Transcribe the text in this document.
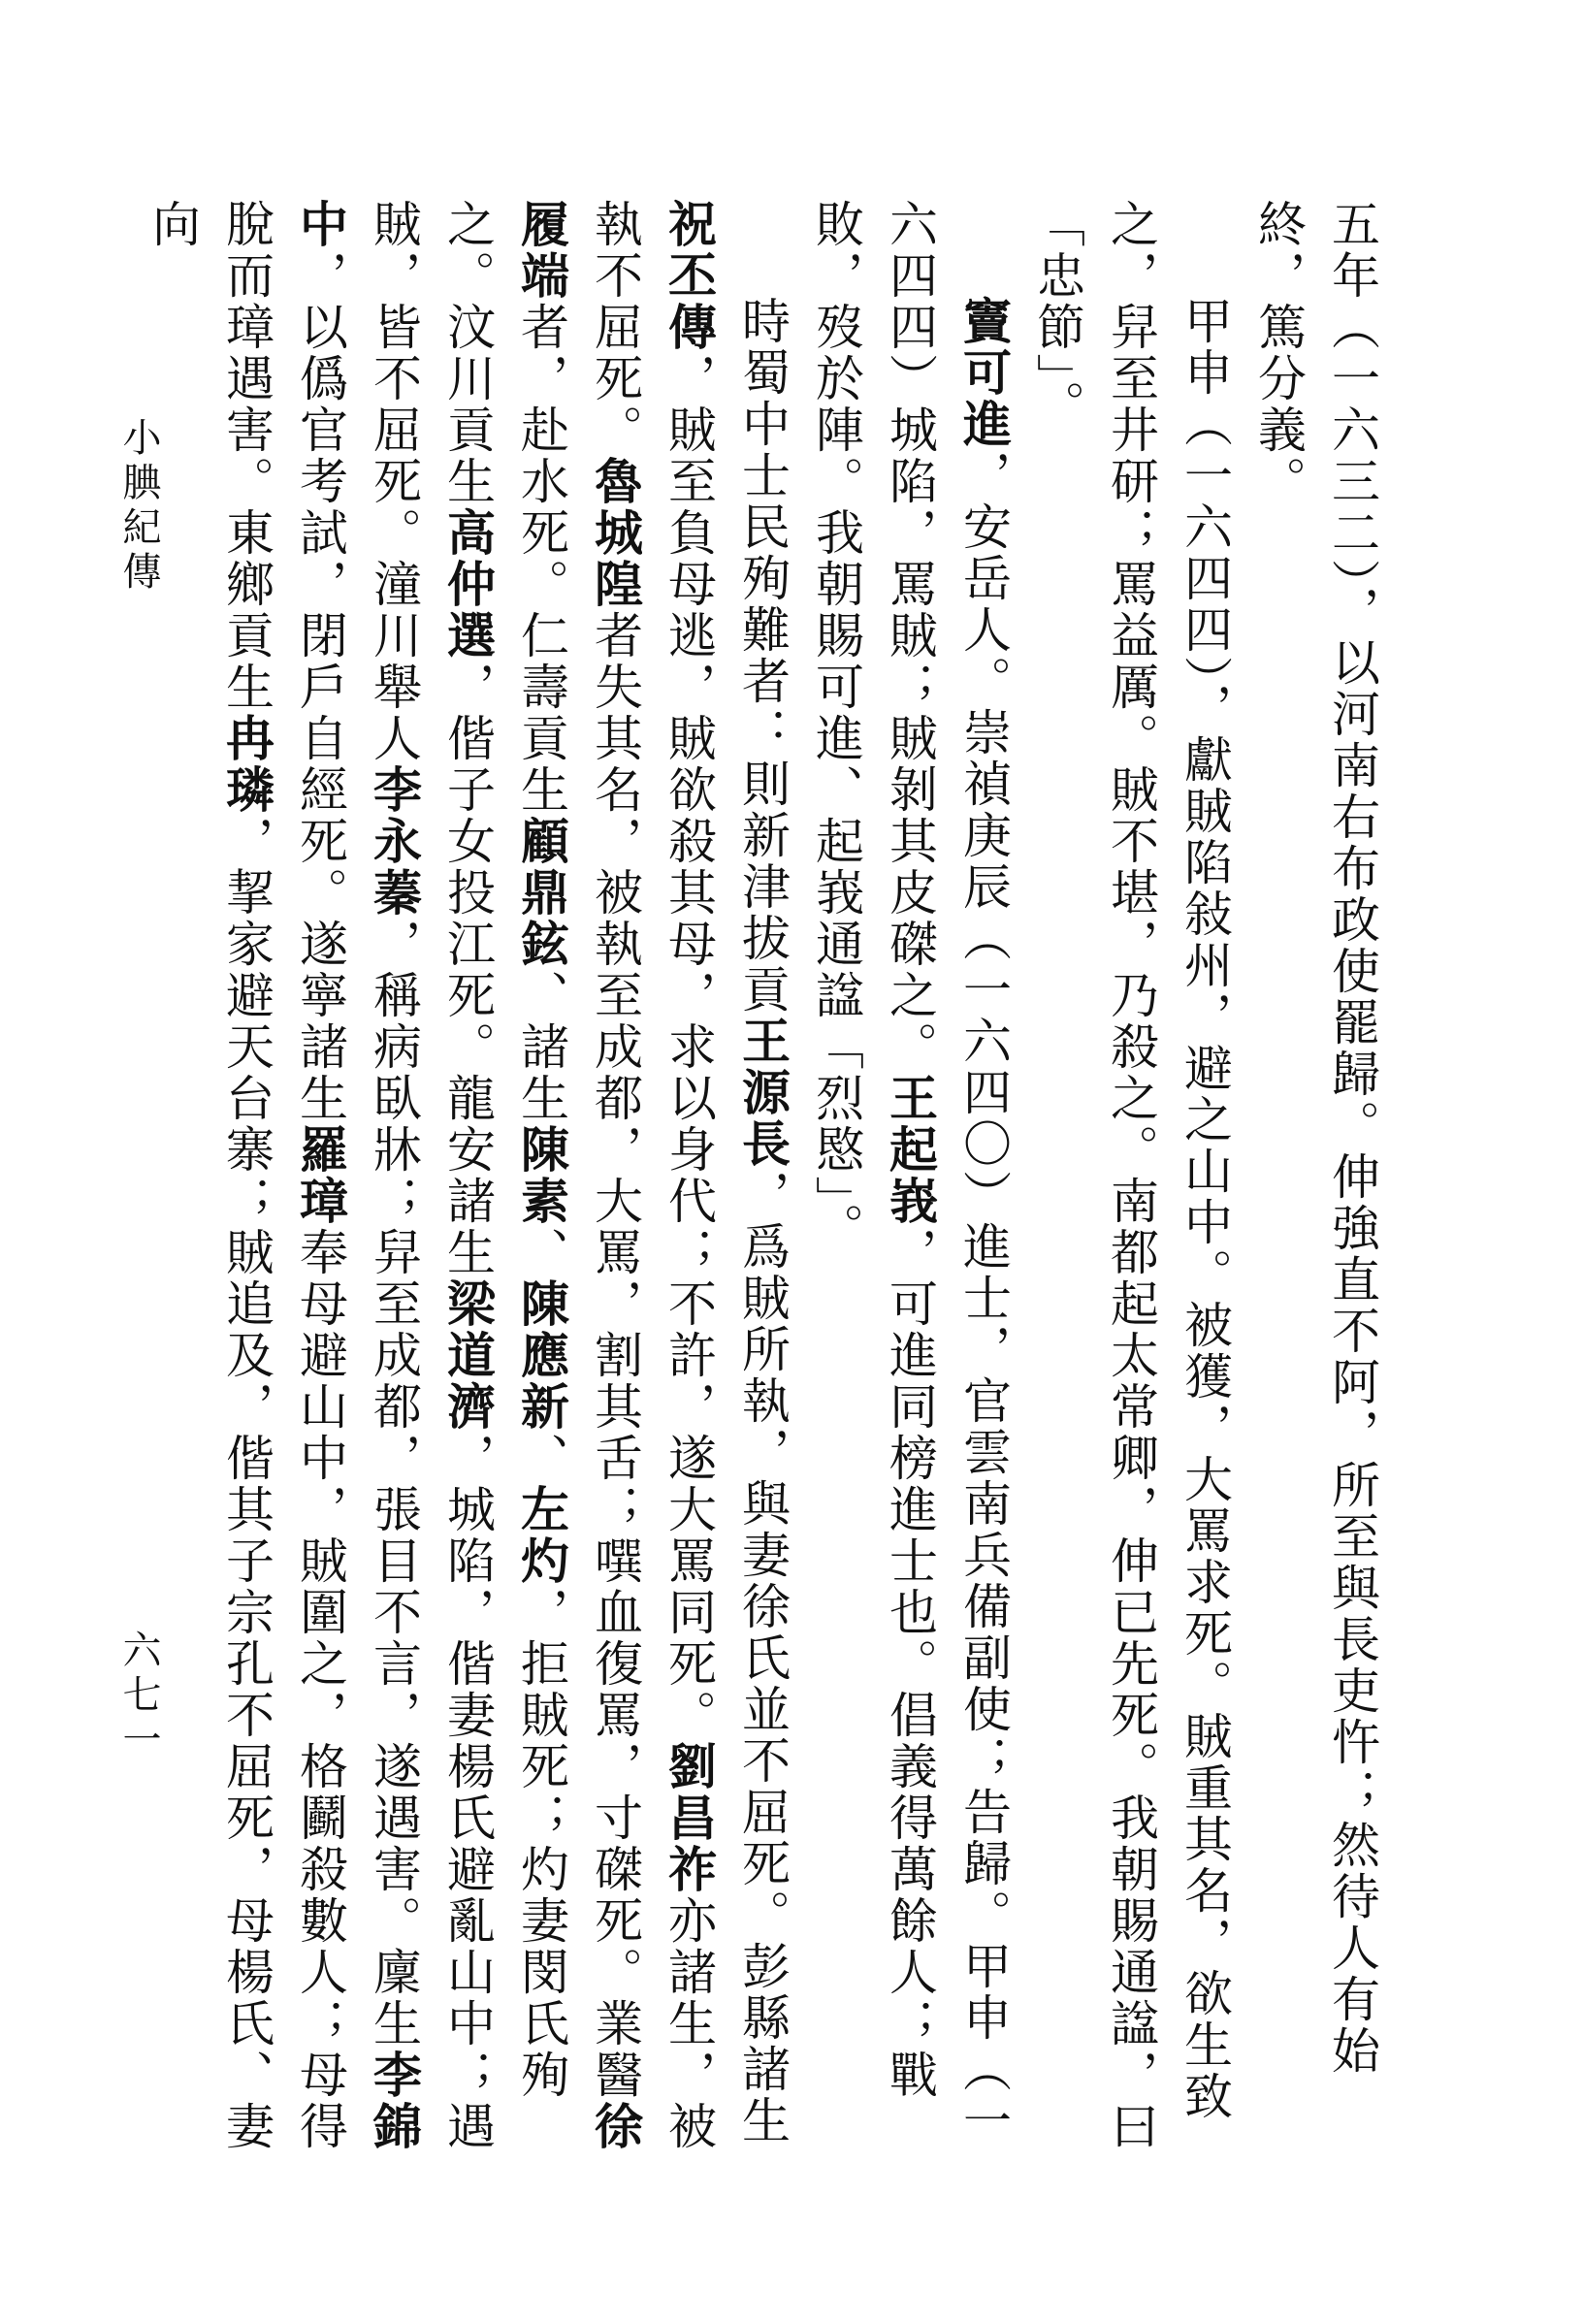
五年（一六三二），以河南右布政使罷歸。伸強直不阿，所至與長吏忤；然待人有始終，篤分義。

甲申（一六四四），獻賊陷敍州，避之山中。被獲，大罵求死。賊重其名，欲生致之，舁至井研；罵益厲。賊不堪，乃殺之。南都起太常卿，伸已先死。我朝賜通諡，曰「忠節」。

竇可進，安岳人。崇禎庚辰（一六四〇）進士，官雲南兵備副使；告歸。甲申（一六四四）城陷，罵賊；賊剝其皮磔之。王起峩，可進同榜進士也。倡義得萬餘人；戰敗，歿於陣。我朝賜可進、起峩通諡「烈愍」。

時蜀中士民殉難者：則新津拔貢王源長，爲賊所執，與妻徐氏並不屈死。彭縣諸生祝丕傳，賊至負母逃，賊欲殺其母，求以身代；不許，遂大罵同死。劉昌祚亦諸生，被執不屈死。魯城隍者失其名，被執至成都，大罵，割其舌；噀血復罵，寸磔死。業醫徐履端者，赴水死。仁壽貢生顧鼎鉉、諸生陳素、陳應新、左灼，拒賊死；灼妻閔氏殉之。汶川貢生高仲選，偕子女投江死。龍安諸生梁道濟，城陷，偕妻楊氏避亂山中；遇賊，皆不屈死。潼川舉人李永蓁，稱病臥牀；舁至成都，張目不言，遂遇害。廩生李錦中，以僞官考試，閉戶自經死。遂寧諸生羅璋奉母避山中，賊圍之，格鬬殺數人；母得脫而璋遇害。東鄉貢生冉璘，挈家避天台寨；賊追及，偕其子宗孔不屈死，母楊氏、妻向

小腆紀傳
六七一
